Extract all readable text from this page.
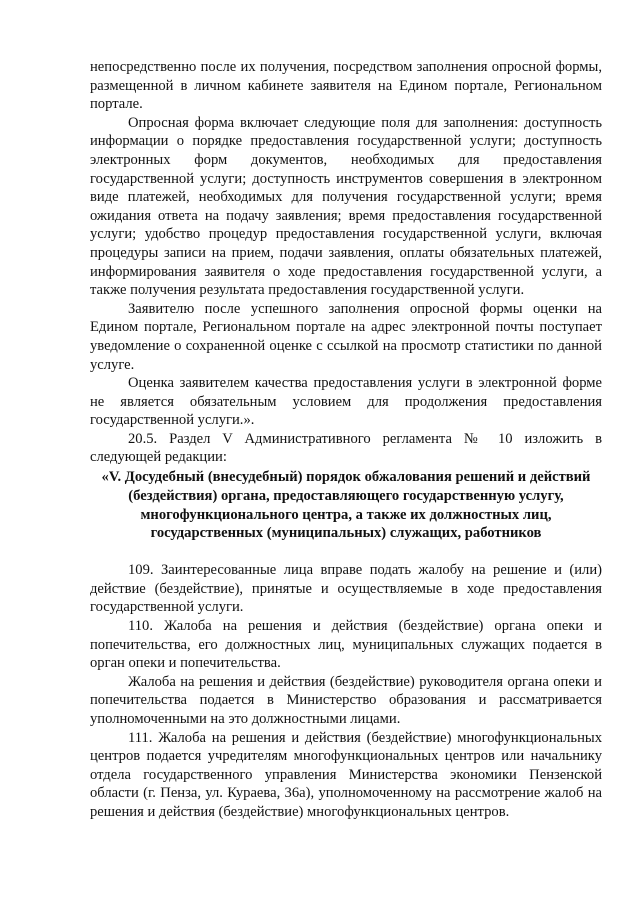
непосредственно после их получения, посредством заполнения опросной формы, размещенной в личном кабинете заявителя на Едином портале, Региональном портале.

Опросная форма включает следующие поля для заполнения: доступность информации о порядке предоставления государственной услуги; доступность электронных форм документов, необходимых для предоставления государственной услуги; доступность инструментов совершения в электронном виде платежей, необходимых для получения государственной услуги; время ожидания ответа на подачу заявления; время предоставления государственной услуги; удобство процедур предоставления государственной услуги, включая процедуры записи на прием, подачи заявления, оплаты обязательных платежей, информирования заявителя о ходе предоставления государственной услуги, а также получения результата предоставления государственной услуги.

Заявителю после успешного заполнения опросной формы оценки на Едином портале, Региональном портале на адрес электронной почты поступает уведомление о сохраненной оценке с ссылкой на просмотр статистики по данной услуге.

Оценка заявителем качества предоставления услуги в электронной форме не является обязательным условием для продолжения предоставления государственной услуги.».

20.5. Раздел V Административного регламента № 10 изложить в следующей редакции:

«V. Досудебный (внесудебный) порядок обжалования решений и действий (бездействия) органа, предоставляющего государственную услугу, многофункционального центра, а также их должностных лиц, государственных (муниципальных) служащих, работников

109. Заинтересованные лица вправе подать жалобу на решение и (или) действие (бездействие), принятые и осуществляемые в ходе предоставления государственной услуги.

110. Жалоба на решения и действия (бездействие) органа опеки и попечительства, его должностных лиц, муниципальных служащих подается в орган опеки и попечительства.

Жалоба на решения и действия (бездействие) руководителя органа опеки и попечительства подается в Министерство образования и рассматривается уполномоченными на это должностными лицами.

111. Жалоба на решения и действия (бездействие) многофункциональных центров подается учредителям многофункциональных центров или начальнику отдела государственного управления Министерства экономики Пензенской области (г. Пенза, ул. Кураева, 36а), уполномоченному на рассмотрение жалоб на решения и действия (бездействие) многофункциональных центров.
